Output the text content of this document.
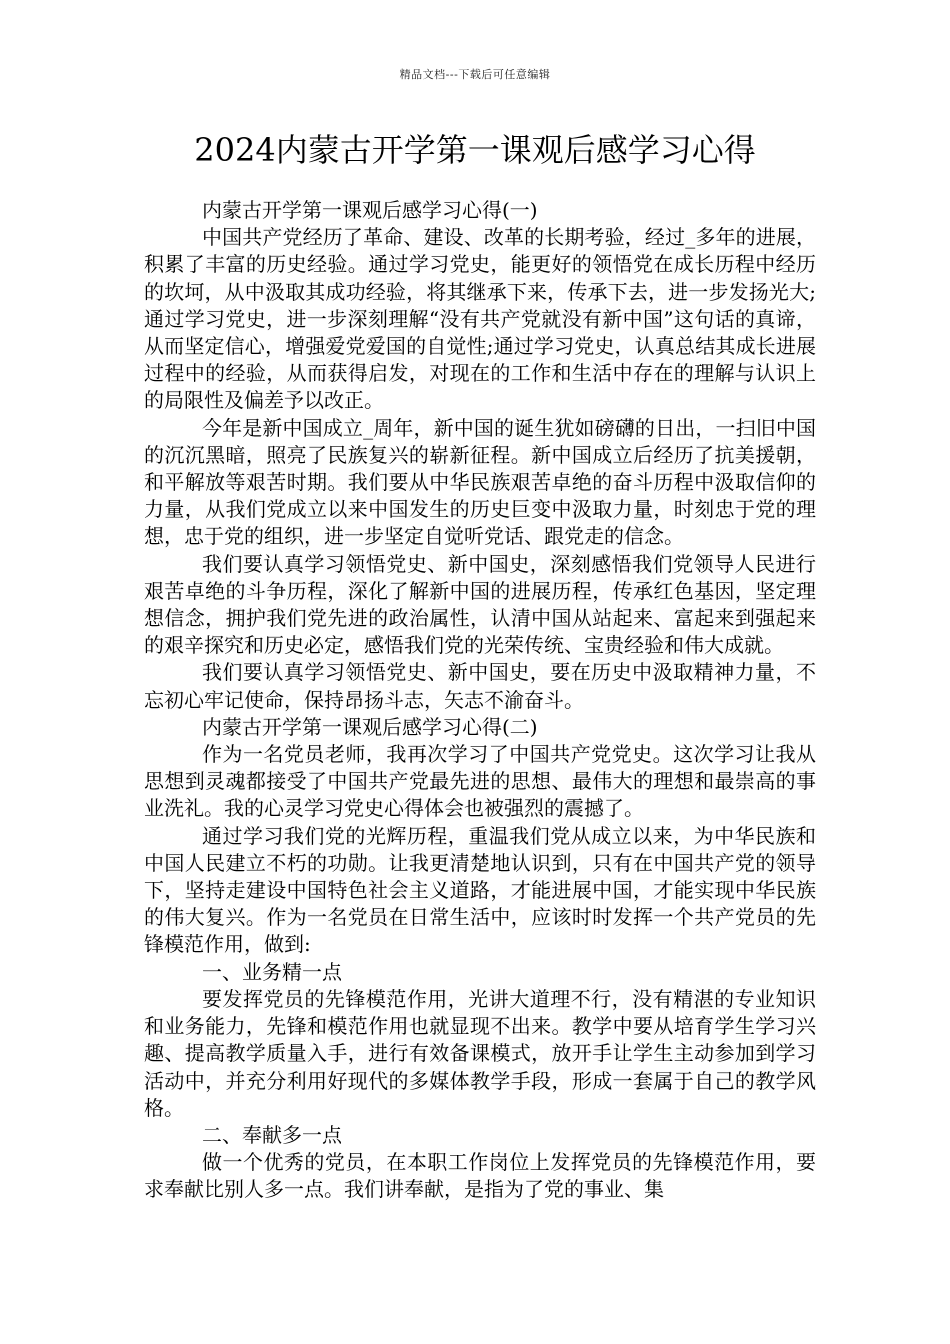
精品文档---下载后可任意编辑
2024内蒙古开学第一课观后感学习心得

内蒙古开学第一课观后感学习心得(一)

中国共产党经历了革命、建设、改革的长期考验，经过_多年的进展，积累了丰富的历史经验。通过学习党史，能更好的领悟党在成长历程中经历的坎坷，从中汲取其成功经验，将其继承下来，传承下去，进一步发扬光大;通过学习党史，进一步深刻理解“没有共产党就没有新中国”这句话的真谛，从而坚定信心，增强爱党爱国的自觉性;通过学习党史，认真总结其成长进展过程中的经验，从而获得启发，对现在的工作和生活中存在的理解与认识上的局限性及偏差予以改正。

今年是新中国成立_周年，新中国的诞生犹如磅礴的日出，一扫旧中国的沉沉黑暗，照亮了民族复兴的崭新征程。新中国成立后经历了抗美援朝，和平解放等艰苦时期。我们要从中华民族艰苦卓绝的奋斗历程中汲取信仰的力量，从我们党成立以来中国发生的历史巨变中汲取力量，时刻忠于党的理想，忠于党的组织，进一步坚定自觉听党话、跟党走的信念。

我们要认真学习领悟党史、新中国史，深刻感悟我们党领导人民进行艰苦卓绝的斗争历程，深化了解新中国的进展历程，传承红色基因，坚定理想信念，拥护我们党先进的政治属性，认清中国从站起来、富起来到强起来的艰辛探究和历史必定，感悟我们党的光荣传统、宝贵经验和伟大成就。

我们要认真学习领悟党史、新中国史，要在历史中汲取精神力量，不忘初心牢记使命，保持昂扬斗志，矢志不渝奋斗。

内蒙古开学第一课观后感学习心得(二)

作为一名党员老师，我再次学习了中国共产党党史。这次学习让我从思想到灵魂都接受了中国共产党最先进的思想、最伟大的理想和最崇高的事业洗礼。我的心灵学习党史心得体会也被强烈的震撼了。

通过学习我们党的光辉历程，重温我们党从成立以来，为中华民族和中国人民建立不朽的功勋。让我更清楚地认识到，只有在中国共产党的领导下，坚持走建设中国特色社会主义道路，才能进展中国，才能实现中华民族的伟大复兴。作为一名党员在日常生活中，应该时时发挥一个共产党员的先锋模范作用，做到:

一、业务精一点

要发挥党员的先锋模范作用，光讲大道理不行，没有精湛的专业知识和业务能力，先锋和模范作用也就显现不出来。教学中要从培育学生学习兴趣、提高教学质量入手，进行有效备课模式，放开手让学生主动参加到学习活动中，并充分利用好现代的多媒体教学手段，形成一套属于自己的教学风格。

二、奉献多一点

做一个优秀的党员，在本职工作岗位上发挥党员的先锋模范作用，要求奉献比别人多一点。我们讲奉献，是指为了党的事业、集
